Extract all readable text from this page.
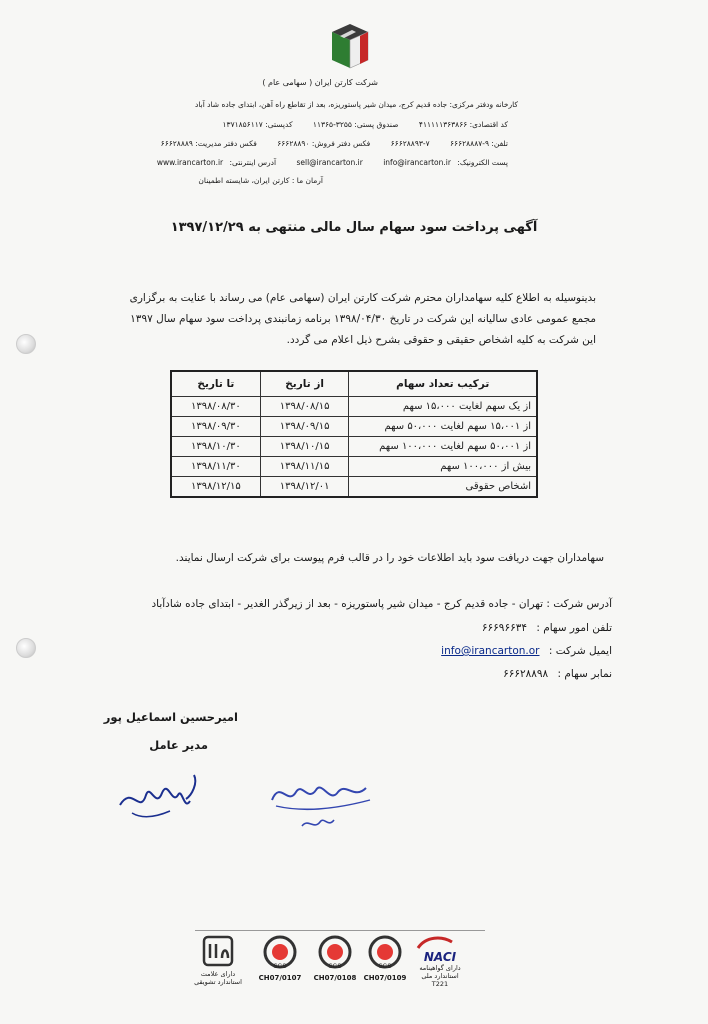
شرکت کارتن ایران ( سهامی عام )
کارخانه ودفتر مرکزی: جاده قدیم کرج، میدان شیر پاستوریزه، بعد از تقاطع راه آهن، ابتدای جاده شاد آباد
کد اقتصادی: ۴۱۱۱۱۱۳۶۳۸۶۶ صندوق پستی: ۳۲۵۵-۱۱۳۶۵ کدپستی: ۱۳۷۱۸۵۶۱۱۷
تلفن: ۹-۶۶۶۲۸۸۸۷ ۷-۶۶۶۲۸۸۹۳ فکس دفتر فروش: ۶۶۶۲۸۸۹۰ فکس دفتر مدیریت: ۶۶۶۲۸۸۸۹
پست الکترونیک: sell@irancarton.ir	info@irancarton.ir آدرس اینترنتی: www.irancarton.ir
آرمان ما : کارتن ایران، شایسته اطمینان
آگهی پرداخت سود سهام سال مالی منتهی به ۱۳۹۷/۱۲/۲۹
بدینوسیله به اطلاع کلیه سهامداران محترم شرکت کارتن ایران (سهامی عام) می رساند با عنایت به برگزاری مجمع عمومی عادی سالیانه این شرکت در تاریخ ۱۳۹۸/۰۴/۳۰ برنامه زمانبندی پرداخت سود سهام سال ۱۳۹۷ این شرکت به کلیه اشخاص حقیقی و حقوقی بشرح ذیل اعلام می گردد.
ترکیب تعداد سهام	از تاریخ	تا تاریخ
از یک سهم لغایت ۱۵،۰۰۰ سهم	۱۳۹۸/۰۸/۱۵	۱۳۹۸/۰۸/۳۰
از ۱۵،۰۰۱ سهم لغایت ۵۰،۰۰۰ سهم	۱۳۹۸/۰۹/۱۵	۱۳۹۸/۰۹/۳۰
از ۵۰،۰۰۱ سهم لغایت ۱۰۰،۰۰۰ سهم	۱۳۹۸/۱۰/۱۵	۱۳۹۸/۱۰/۳۰
بیش از ۱۰۰،۰۰۰ سهم	۱۳۹۸/۱۱/۱۵	۱۳۹۸/۱۱/۳۰
اشخاص حقوقی	۱۳۹۸/۱۲/۰۱	۱۳۹۸/۱۲/۱۵
سهامداران جهت دریافت سود باید اطلاعات خود را در قالب فرم پیوست برای شرکت ارسال نمایند.
آدرس شرکت : تهران - جاده قدیم کرج - میدان شیر پاستوریزه - بعد از زیرگذر الغدیر - ابتدای جاده شادآباد
تلفن امور سهام : ۶۶۶۹۶۶۳۴
ایمیل شرکت : info@irancarton.or
نمابر سهام : ۶۶۶۲۸۸۹۸
امیرحسین اسماعیل پور
مدیر عامل
NACI
دارای گواهینامه استاندارد ملی
T221
SGS
CH07/0109
SGS
CH07/0108
SGS
CH07/0107
دارای علامت استاندارد تشویقی
